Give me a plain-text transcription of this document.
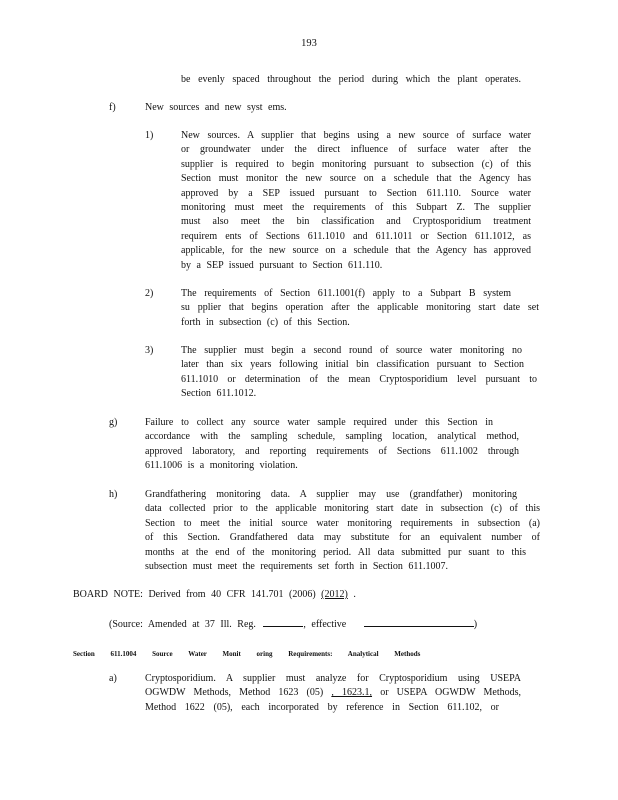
193
be evenly spaced throughout the period during which the plant operates.
f)	New sources and new syst ems.
1)	New sources. A supplier that begins using a new source of surface water
or groundwater under the direct influence of surface water after the
supplier is required to begin monitoring pursuant to subsection (c) of this
Section must monitor the new source on a schedule that the Agency has
approved by a SEP issued pursuant to Section 611.110. Source water
monitoring must meet the requirements of this Subpart Z. The supplier
must also meet the bin classification and Cryptosporidium treatment
requirem ents of Sections 611.1010 and 611.1011 or Section 611.1012, as
applicable, for the new source on a schedule that the Agency has approved
by a SEP issued pursuant to Section 611.110.
2)	The requirements of Section 611.1001(f) apply to a Subpart B system
su pplier that begins operation after the applicable monitoring start date set
forth in subsection (c) of this Section.
3)	The supplier must begin a second round of source water monitoring no
later than six years following initial bin classification pursuant to Section
611.1010 or determination of the mean Cryptosporidium level pursuant to
Section 611.1012.
g)	Failure to collect any source water sample required under this Section in
accordance with the sampling schedule, sampling location, analytical method,
approved laboratory, and reporting requirements of Sections 611.1002 through
611.1006 is a monitoring violation.
h)	Grandfathering monitoring data. A supplier may use (grandfather) monitoring
data collected prior to the applicable monitoring start date in subsection (c) of this
Section to meet the initial source water monitoring requirements in subsection (a)
of this Section. Grandfathered data may substitute for an equivalent number of
months at the end of the monitoring period. All data submitted pur suant to this
subsection must meet the requirements set forth in Section 611.1007.
BOARD NOTE: Derived from 40 CFR 141.701 (2006) (2012) .
(Source: Amended at 37 Ill. Reg.	, effective	)
Section 611.1004 Source Water Monit oring Requirements: Analytical Methods
a)	Cryptosporidium. A supplier must analyze for Cryptosporidium using USEPA
OGWDW Methods, Method 1623 (05) , 1623.1, or USEPA OGWDW Methods,
Method 1622 (05), each incorporated by reference in Section 611.102, or
